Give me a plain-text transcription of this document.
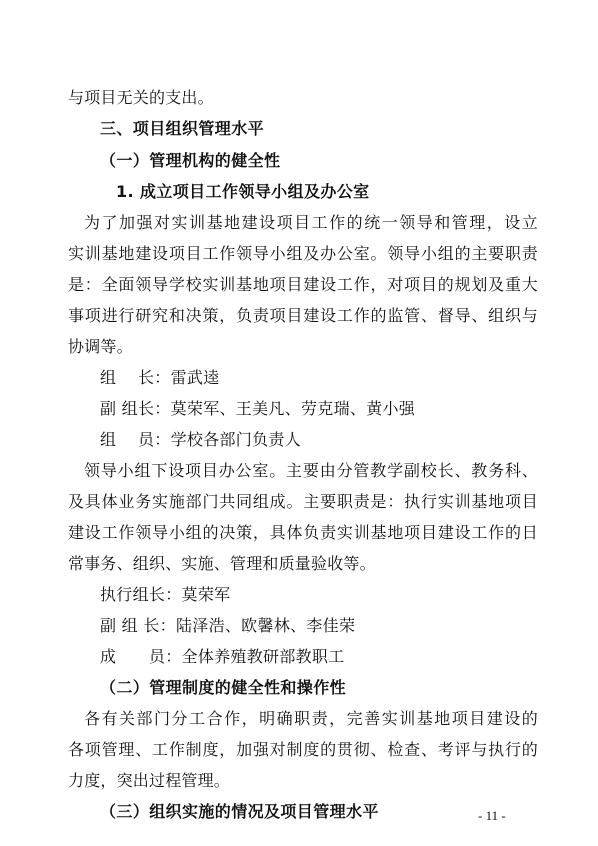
与项目无关的支出。
三、项目组织管理水平
（一）管理机构的健全性
1. 成立项目工作领导小组及办公室
为了加强对实训基地建设项目工作的统一领导和管理，设立
实训基地建设项目工作领导小组及办公室。领导小组的主要职责
是：全面领导学校实训基地项目建设工作，对项目的规划及重大
事项进行研究和决策，负责项目建设工作的监管、督导、组织与
协调等。
组　 长：雷武逵
副 组长：莫荣军、王美凡、劳克瑞、黄小强
组　 员：学校各部门负责人
领导小组下设项目办公室。主要由分管教学副校长、教务科、
及具体业务实施部门共同组成。主要职责是：执行实训基地项目
建设工作领导小组的决策，具体负责实训基地项目建设工作的日
常事务、组织、实施、管理和质量验收等。
执行组长：莫荣军
副 组 长：陆泽浩、欧馨林、李佳荣
成　　员：全体养殖教研部教职工
（二）管理制度的健全性和操作性
各有关部门分工合作，明确职责，完善实训基地项目建设的
各项管理、工作制度，加强对制度的贯彻、检查、考评与执行的
力度，突出过程管理。
（三）组织实施的情况及项目管理水平	- 11 -
